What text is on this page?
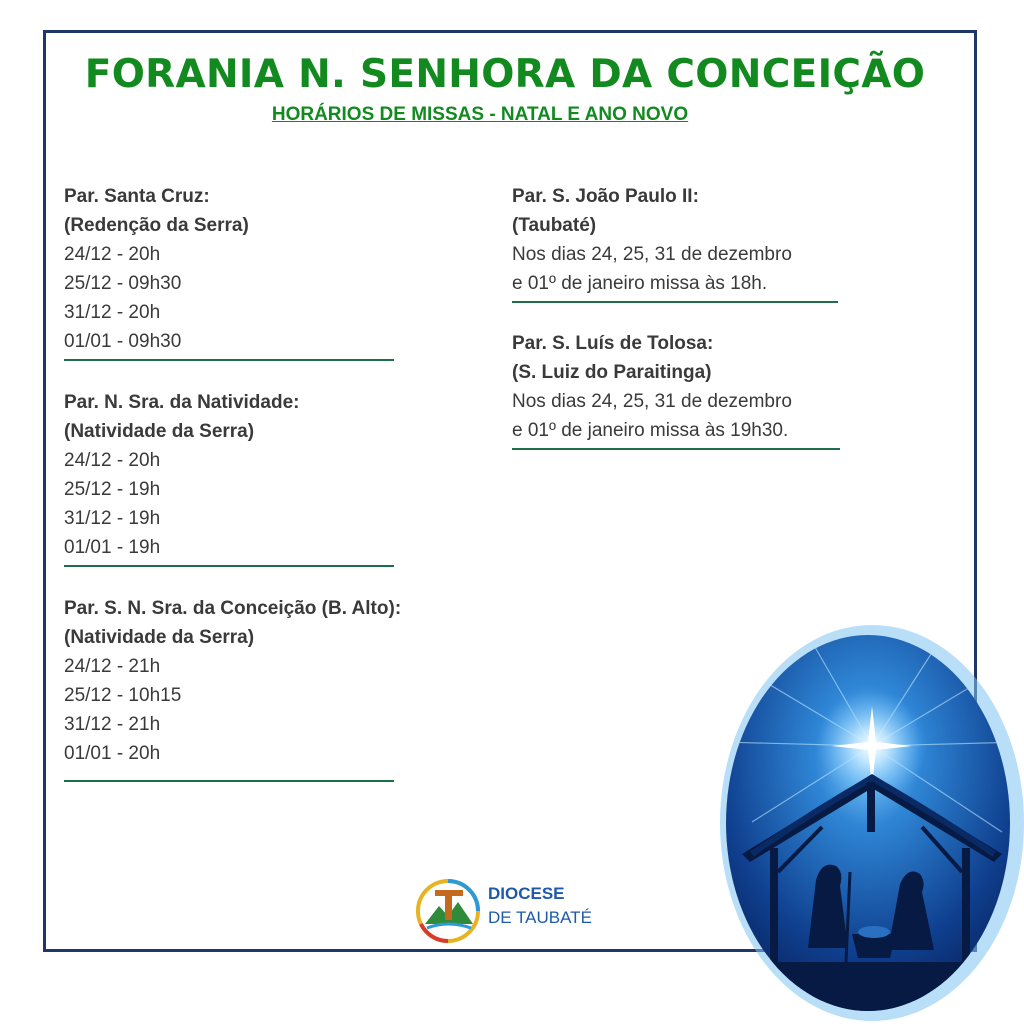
FORANIA N. SENHORA DA CONCEIÇÃO
HORÁRIOS DE MISSAS - NATAL E ANO NOVO
Par. Santa Cruz:
(Redenção da Serra)
24/12 - 20h
25/12 - 09h30
31/12 - 20h
01/01 - 09h30
Par. N. Sra. da Natividade:
(Natividade da Serra)
24/12 - 20h
25/12 - 19h
31/12 - 19h
01/01 - 19h
Par. S. N. Sra. da Conceição (B. Alto):
(Natividade da Serra)
24/12 - 21h
25/12 - 10h15
31/12 - 21h
01/01 - 20h
Par. S. João Paulo II:
(Taubaté)
Nos dias 24, 25, 31 de dezembro
e 01º de janeiro missa às 18h.
Par. S. Luís de Tolosa:
(S. Luiz do Paraitinga)
Nos dias 24, 25, 31 de dezembro
e 01º de janeiro missa às 19h30.
DIOCESE
DE TAUBATÉ
